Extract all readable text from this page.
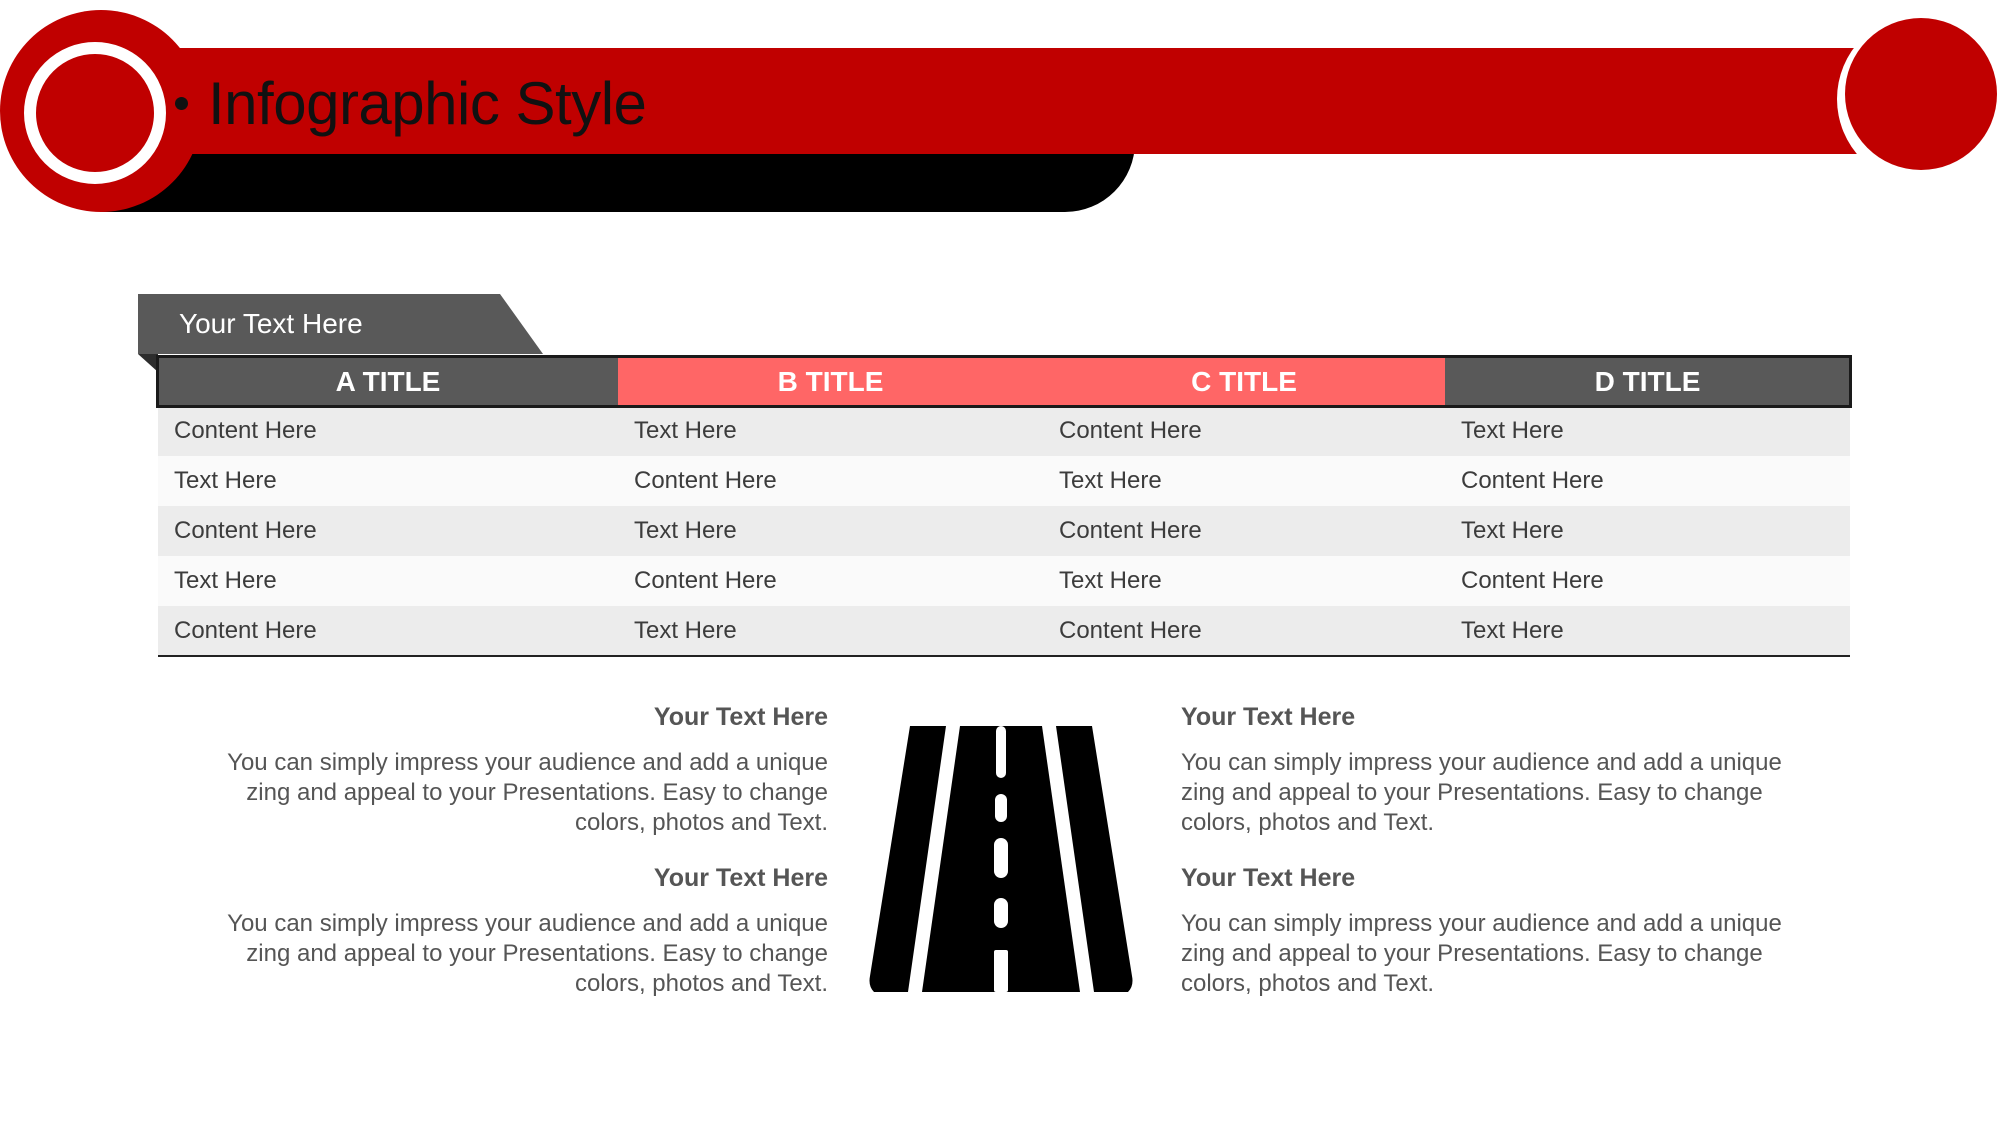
Infographic Style
Your Text Here
A TITLE	B TITLE	C TITLE	D TITLE
Content Here	Text Here	Content Here	Text Here
Text Here	Content Here	Text Here	Content Here
Content Here	Text Here	Content Here	Text Here
Text Here	Content Here	Text Here	Content Here
Content Here	Text Here	Content Here	Text Here
Your Text Here

You can simply impress your audience and add a unique zing and appeal to your Presentations. Easy to change colors, photos and Text.

Your Text Here

You can simply impress your audience and add a unique zing and appeal to your Presentations. Easy to change colors, photos and Text.

Your Text Here

You can simply impress your audience and add a unique zing and appeal to your Presentations. Easy to change colors, photos and Text.

Your Text Here

You can simply impress your audience and add a unique zing and appeal to your Presentations. Easy to change colors, photos and Text.
